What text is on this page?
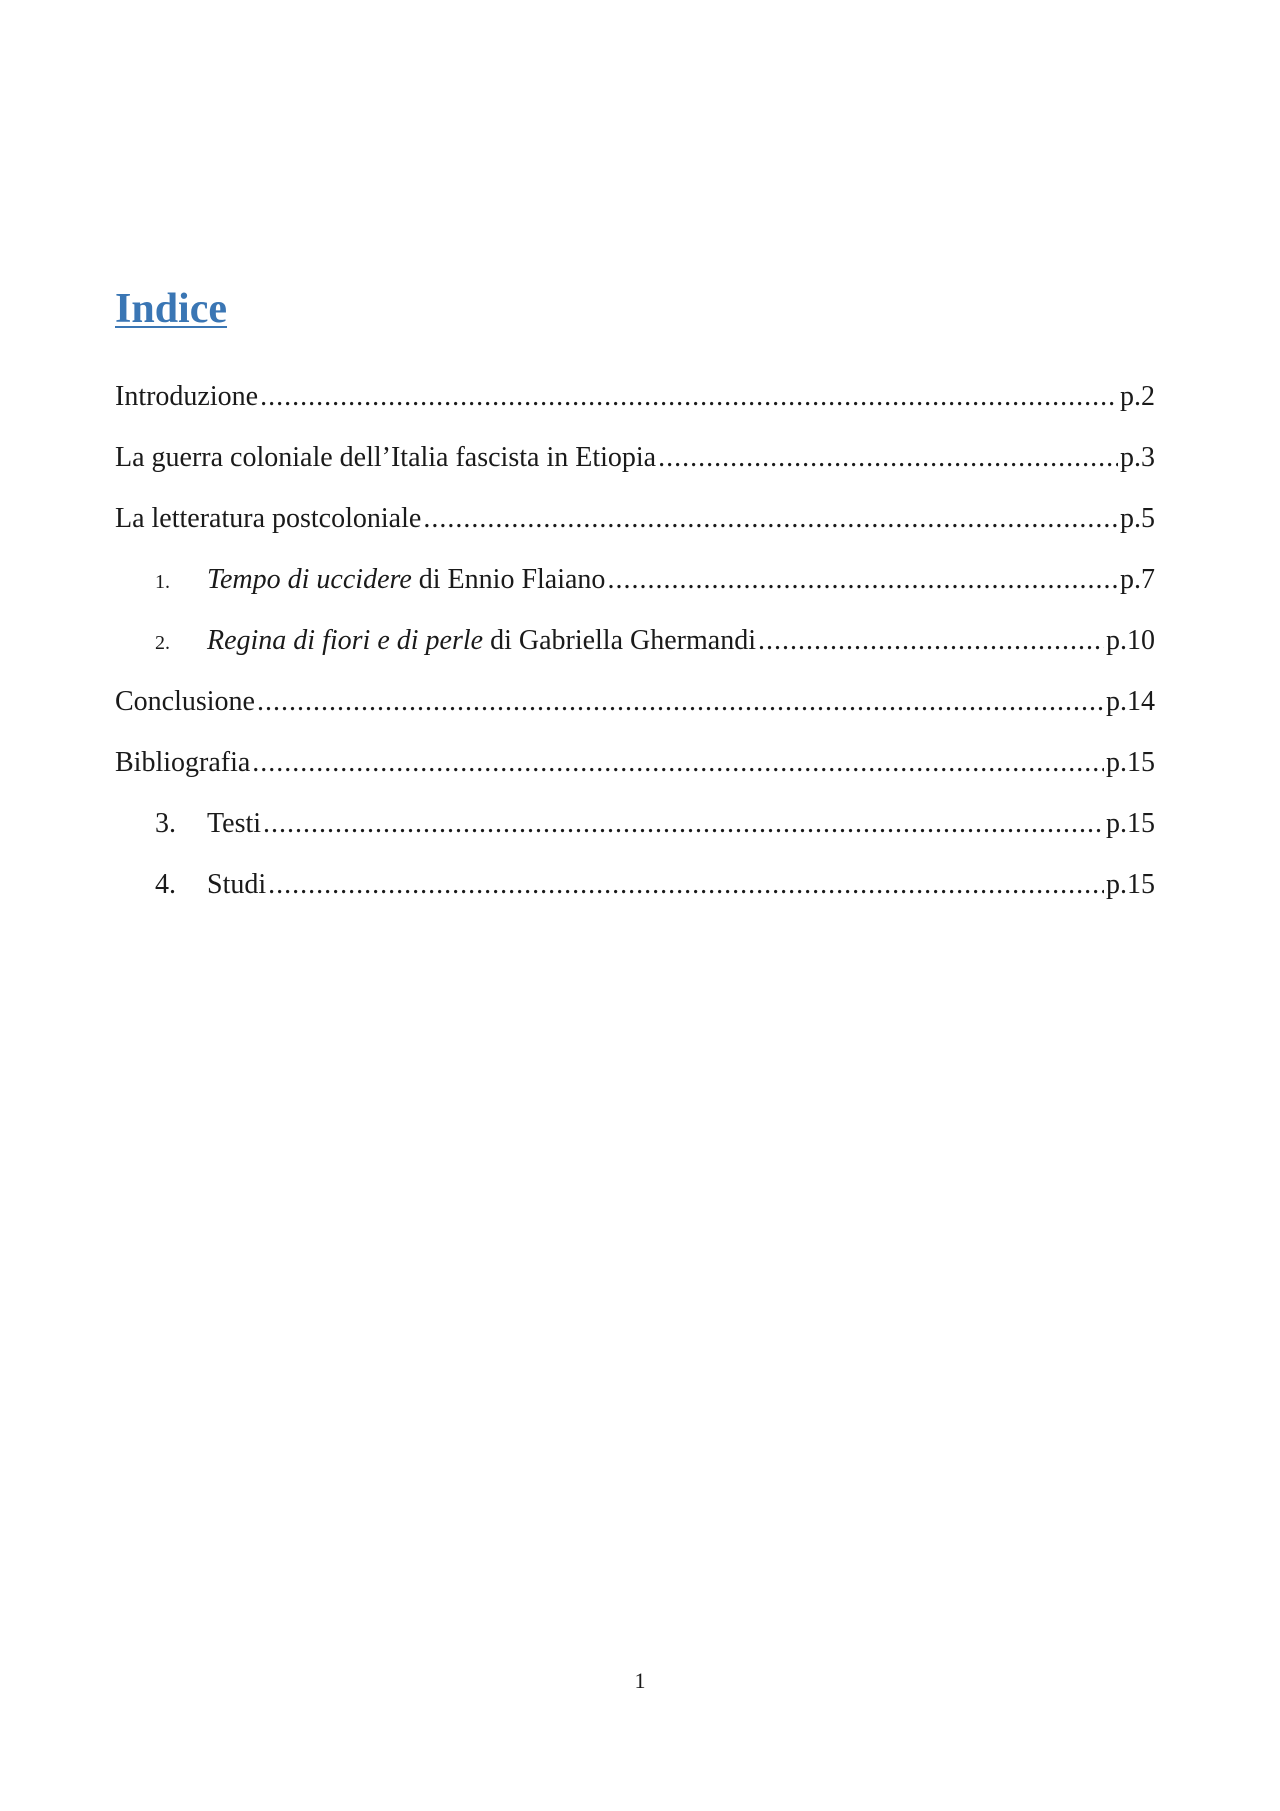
Indice
Introduzione .....	p.2
La guerra coloniale dell’Italia fascista in Etiopia .....	p.3
La letteratura postcoloniale .....	p.5
1.	Tempo di uccidere di Ennio Flaiano .....	p.7
2.	Regina di fiori e di perle di Gabriella Ghermandi .....	p.10
Conclusione .....	p.14
Bibliografia .....	p.15
3.	Testi .....	p.15
4.	Studi .....	p.15
1
